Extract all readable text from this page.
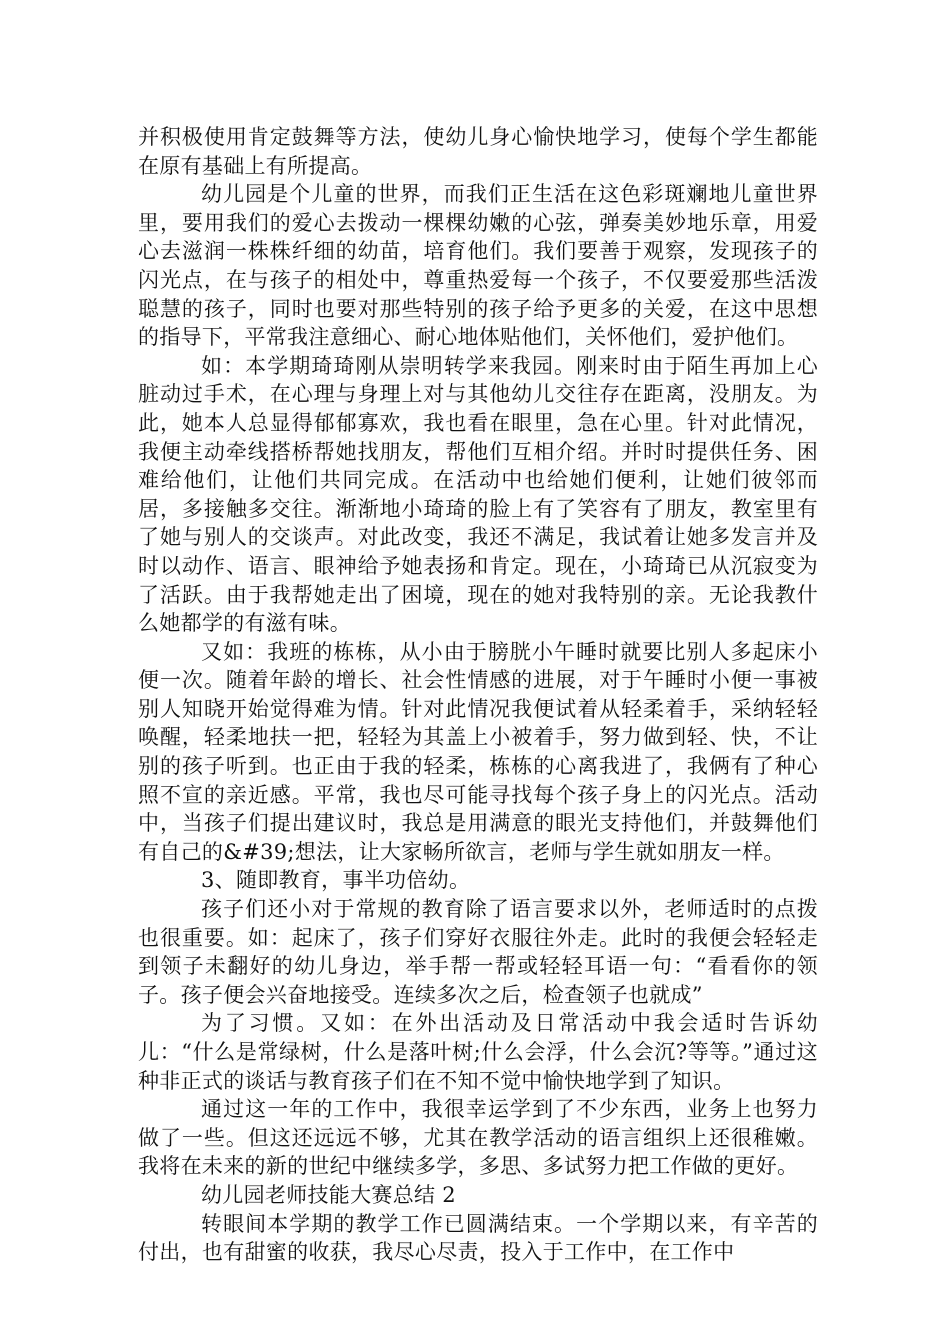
并积极使用肯定鼓舞等方法，使幼儿身心愉快地学习，使每个学生都能在原有基础上有所提高。

幼儿园是个儿童的世界，而我们正生活在这色彩斑斓地儿童世界里，要用我们的爱心去拨动一棵棵幼嫩的心弦，弹奏美妙地乐章，用爱心去滋润一株株纤细的幼苗，培育他们。我们要善于观察，发现孩子的闪光点，在与孩子的相处中，尊重热爱每一个孩子，不仅要爱那些活泼聪慧的孩子，同时也要对那些特别的孩子给予更多的关爱，在这中思想的指导下，平常我注意细心、耐心地体贴他们，关怀他们，爱护他们。

如：本学期琦琦刚从崇明转学来我园。刚来时由于陌生再加上心脏动过手术，在心理与身理上对与其他幼儿交往存在距离，没朋友。为此，她本人总显得郁郁寡欢，我也看在眼里，急在心里。针对此情况，我便主动牵线搭桥帮她找朋友，帮他们互相介绍。并时时提供任务、困难给他们，让他们共同完成。在活动中也给她们便利，让她们彼邻而居，多接触多交往。渐渐地小琦琦的脸上有了笑容有了朋友，教室里有了她与别人的交谈声。对此改变，我还不满足，我试着让她多发言并及时以动作、语言、眼神给予她表扬和肯定。现在，小琦琦已从沉寂变为了活跃。由于我帮她走出了困境，现在的她对我特别的亲。无论我教什么她都学的有滋有味。

又如：我班的栋栋，从小由于膀胱小午睡时就要比别人多起床小便一次。随着年龄的增长、社会性情感的进展，对于午睡时小便一事被别人知晓开始觉得难为情。针对此情况我便试着从轻柔着手，采纳轻轻唤醒，轻柔地扶一把，轻轻为其盖上小被着手，努力做到轻、快，不让别的孩子听到。也正由于我的轻柔，栋栋的心离我进了，我俩有了种心照不宣的亲近感。平常，我也尽可能寻找每个孩子身上的闪光点。活动中，当孩子们提出建议时，我总是用满意的眼光支持他们，并鼓舞他们有自己的&#39;想法，让大家畅所欲言，老师与学生就如朋友一样。

3、随即教育，事半功倍幼。

孩子们还小对于常规的教育除了语言要求以外，老师适时的点拨也很重要。如：起床了，孩子们穿好衣服往外走。此时的我便会轻轻走到领子未翻好的幼儿身边，举手帮一帮或轻轻耳语一句：“看看你的领子。孩子便会兴奋地接受。连续多次之后，检查领子也就成”

为了习惯。又如：在外出活动及日常活动中我会适时告诉幼儿：“什么是常绿树，什么是落叶树;什么会浮，什么会沉?等等。”通过这种非正式的谈话与教育孩子们在不知不觉中愉快地学到了知识。

通过这一年的工作中，我很幸运学到了不少东西，业务上也努力做了一些。但这还远远不够，尤其在教学活动的语言组织上还很稚嫩。我将在未来的新的世纪中继续多学，多思、多试努力把工作做的更好。

幼儿园老师技能大赛总结 2

转眼间本学期的教学工作已圆满结束。一个学期以来，有辛苦的付出，也有甜蜜的收获，我尽心尽责，投入于工作中，在工作中
